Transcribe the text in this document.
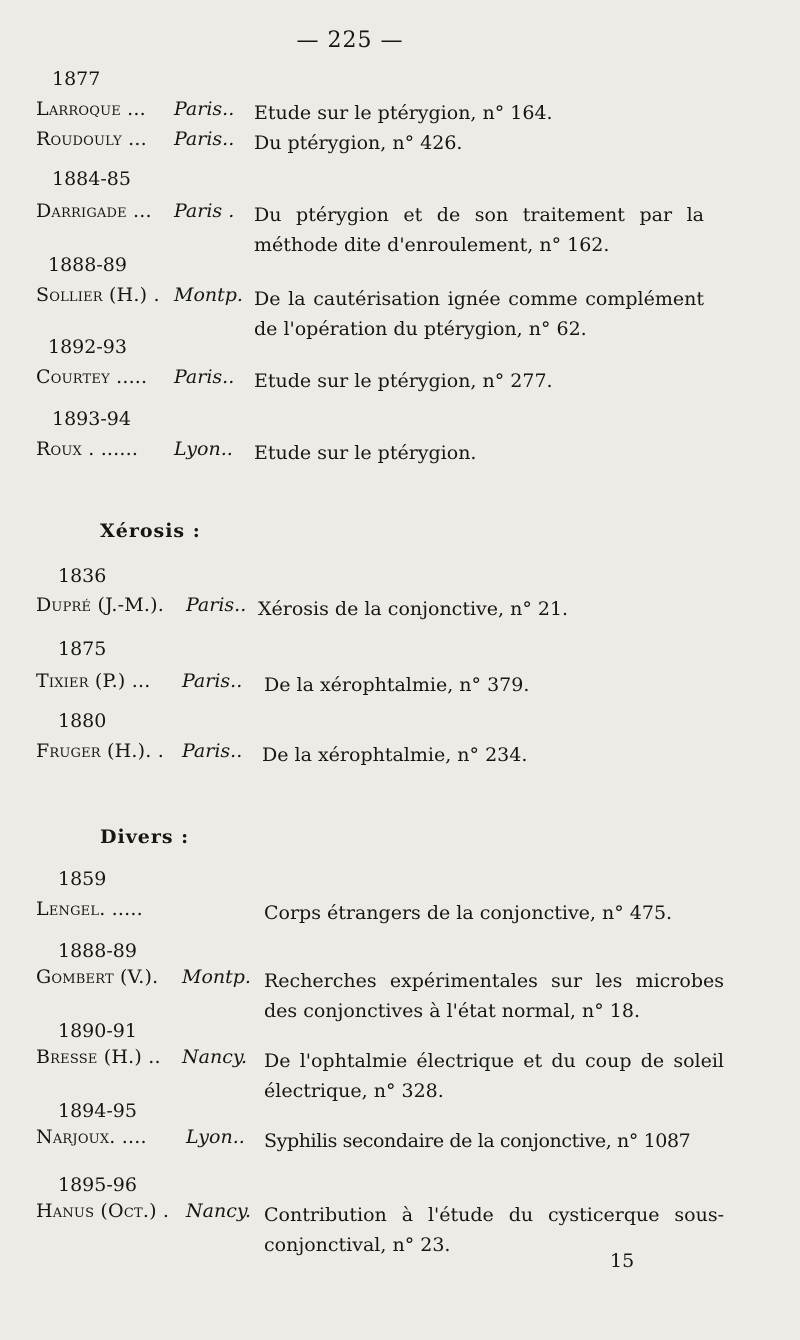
— 225 —
1877
Larroque ... Paris.. Etude sur le ptérygion, n° 164.
Roudouly ... Paris.. Du ptérygion, n° 426.
1884-85
Darrigade ... Paris . Du ptérygion et de son traitement par la méthode dite d'enroulement, n° 162.
1888-89
Sollier (H.) . Montp. De la cautérisation ignée comme complément de l'opération du ptérygion, n° 62.
1892-93
Courtey ..... Paris.. Etude sur le ptérygion, n° 277.
1893-94
Roux . ...... Lyon.. Etude sur le ptérygion.
Xérosis :
1836
Dupré (J.-M.). Paris.. Xérosis de la conjonctive, n° 21.
1875
Tixier (P.) ... Paris.. De la xérophtalmie, n° 379.
1880
Fruger (H.). . Paris.. De la xérophtalmie, n° 234.
Divers :
1859
Lengel. .....	Corps étrangers de la conjonctive, n° 475.
1888-89
Gombert (V.). Montp. Recherches expérimentales sur les microbes des conjonctives à l'état normal, n° 18.
1890-91
Bresse (H.) .. Nancy. De l'ophtalmie électrique et du coup de soleil électrique, n° 328.
1894-95
Narjoux. .... Lyon.. Syphilis secondaire de la conjonctive, n° 1087
1895-96
Hanus (Oct.) . Nancy. Contribution à l'étude du cysticerque sous-conjonctival, n° 23.
15
